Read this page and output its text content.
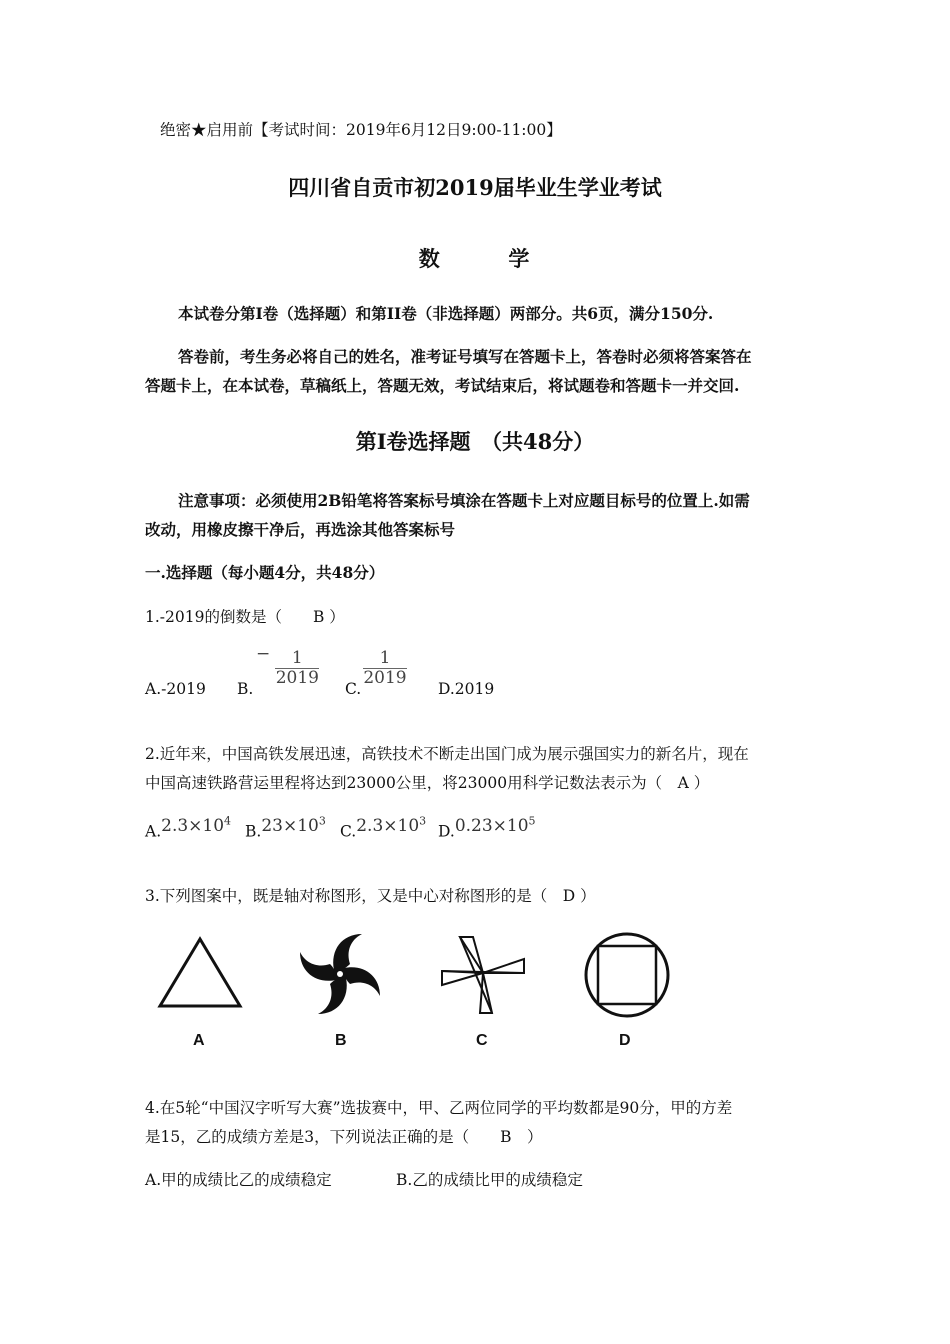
绝密★启用前【考试时间：2019年6月12日9:00-11:00】
四川省自贡市初2019届毕业生学业考试
数	学
本试卷分第I卷（选择题）和第II卷（非选择题）两部分。共6页，满分150分.
答卷前，考生务必将自己的姓名，准考证号填写在答题卡上，答卷时必须将答案答在
答题卡上，在本试卷，草稿纸上，答题无效，考试结束后，将试题卷和答题卡一并交回.
第I卷选择题　（共48分）
注意事项：必须使用2B铅笔将答案标号填涂在答题卡上对应题目标号的位置上.如需
改动，用橡皮擦干净后，再选涂其他答案标号
一.选择题（每小题4分，共48分）
1.-2019的倒数是（　　B ）
A.-2019 B.
− $\frac{1}{2019}$
C.
$\frac{1}{2019}$
D.2019
2.近年来，中国高铁发展迅速，高铁技术不断走出国门成为展示强国实力的新名片，现在
中国高速铁路营运里程将达到23000公里，将23000用科学记数法表示为（　A ）
$A.2.3\times 10^4$
$B.23\times 10^3$
$C.2.3\times 10^3$
$D.0.23\times 10^5$
3.下列图案中，既是轴对称图形，又是中心对称图形的是（　D ）
A	B	C	D
4.在5轮“中国汉字听写大赛”选拔赛中，甲、乙两位同学的平均数都是90分，甲的方差
是15，乙的成绩方差是3，下列说法正确的是（　　B　）
A.甲的成绩比乙的成绩稳定	B.乙的成绩比甲的成绩稳定
